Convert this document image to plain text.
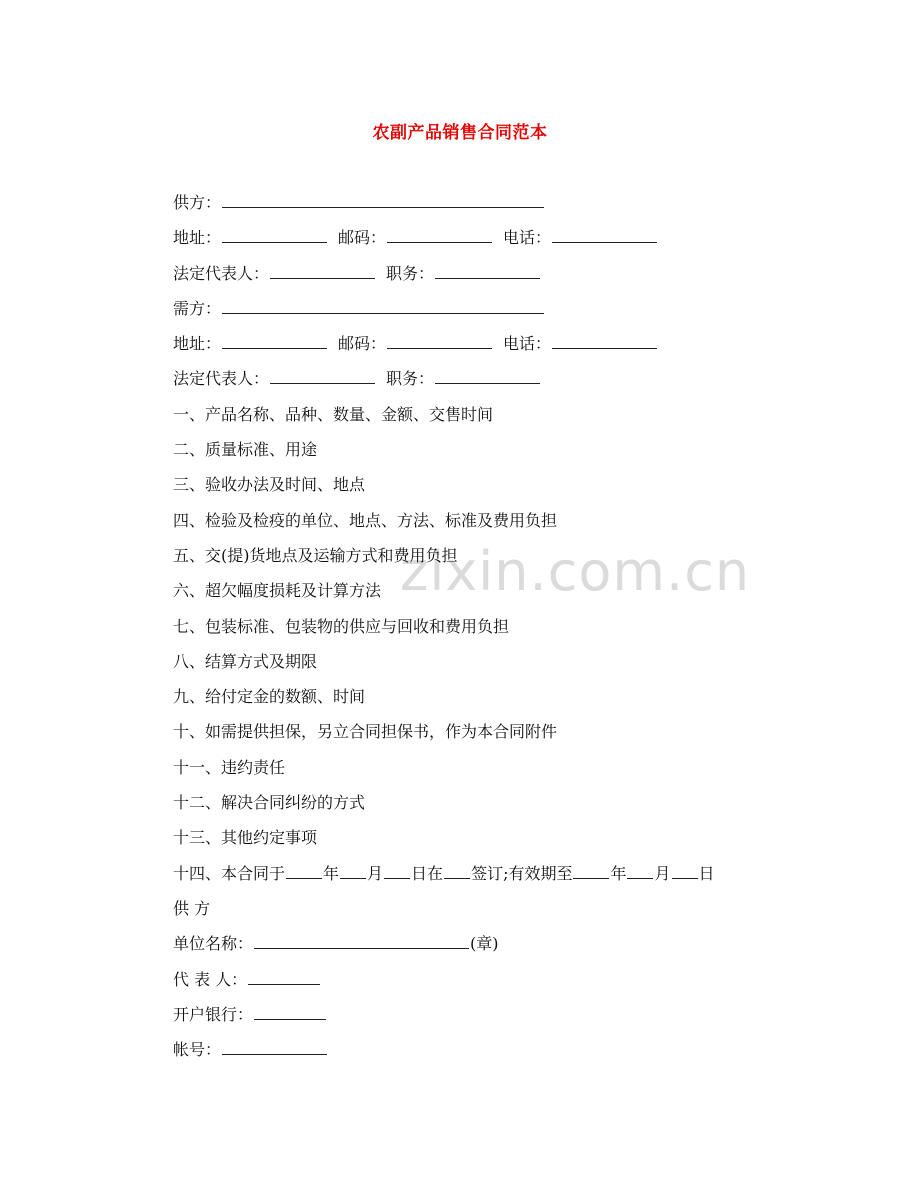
农副产品销售合同范本
zixin.com.cn
供方：
地址：	邮码：	电话：
法定代表人：	职务：
需方：
地址：	邮码：	电话：
法定代表人：	职务：
一、产品名称、品种、数量、金额、交售时间
二、质量标准、用途
三、验收办法及时间、地点
四、检验及检疫的单位、地点、方法、标准及费用负担
五、交(提)货地点及运输方式和费用负担
六、超欠幅度损耗及计算方法
七、包装标准、包装物的供应与回收和费用负担
八、结算方式及期限
九、给付定金的数额、时间
十、如需提供担保，另立合同担保书，作为本合同附件
十一、违约责任
十二、解决合同纠纷的方式
十三、其他约定事项
十四、本合同于 年 月 日在 签订;有效期至 年 月 日
供 方
单位名称：	(章)
代 表 人：
开户银行：
帐号：
